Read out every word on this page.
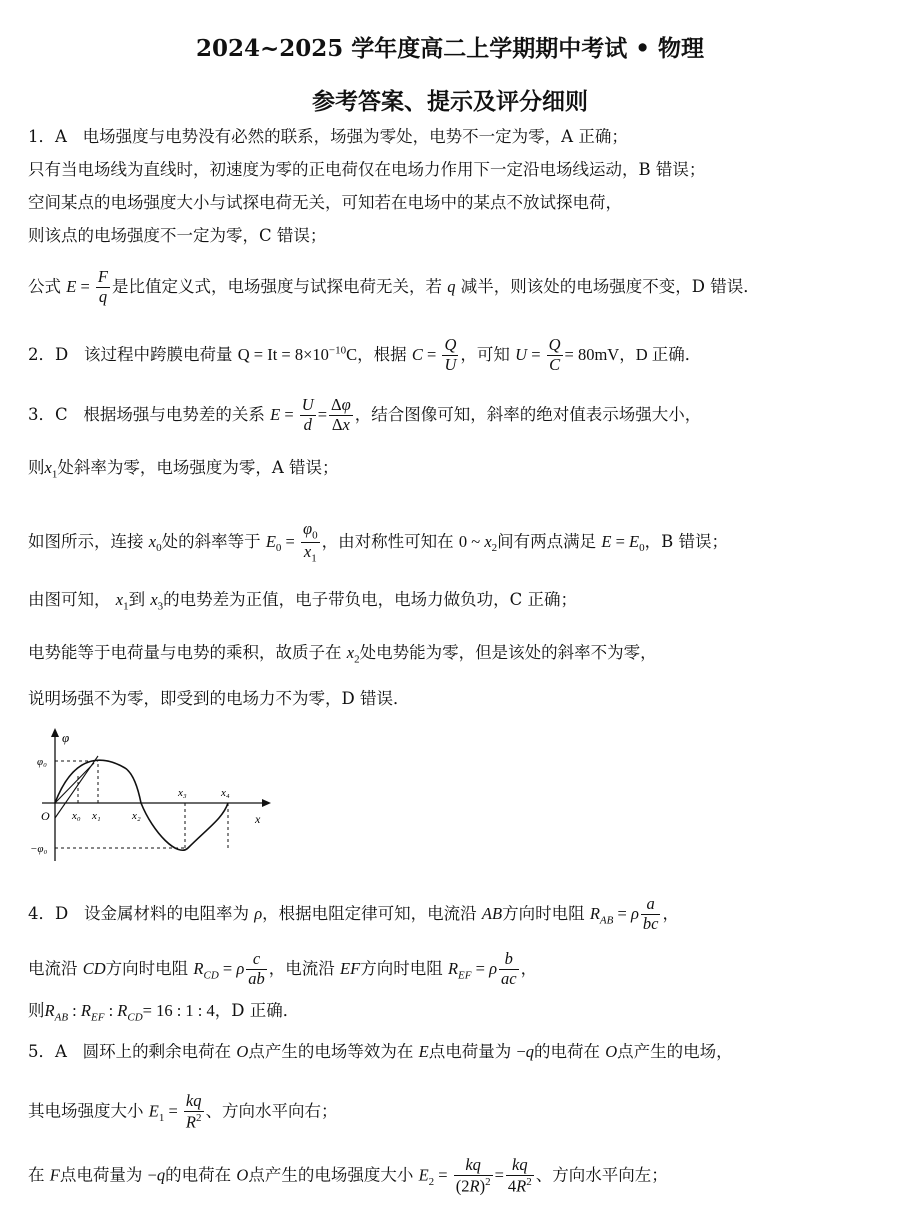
2024~2025 学年度高二上学期期中考试 • 物理
参考答案、提示及评分细则
1．A 电场强度与电势没有必然的联系，场强为零处，电势不一定为零，A 正确；
只有当电场线为直线时，初速度为零的正电荷仅在电场力作用下一定沿电场线运动，B 错误；
空间某点的电场强度大小与试探电荷无关，可知若在电场中的某点不放试探电荷，
则该点的电场强度不一定为零，C 错误；
公式 $E = \frac{F}{q}$ 是比值定义式，电场强度与试探电荷无关，若 q 减半，则该处的电场强度不变，D 错误．
2．D 该过程中跨膜电荷量 $Q = It = 8\times 10^{-10}C$，根据 $C = \frac{Q}{U}$ ，可知 $U = \frac{Q}{C} = 80mV$，D 正确．
3．C 根据场强与电势差的关系 $E = \frac{U}{d} = \frac{\Delta\varphi}{\Delta x}$ ，结合图像可知，斜率的绝对值表示场强大小，
则$x_1$处斜率为零，电场强度为零，A 错误；
如图所示，连接 $x_0$处的斜率等于 $E_0 = \frac{\varphi_0}{x_1}$ ，由对称性可知在 0 ~ $x_2$间有两点满足 $E = E_0$，B 错误；
由图可知， $x_1$到 $x_3$的电势差为正值，电子带负电，电场力做负功，C 正确；
电势能等于电荷量与电势的乘积，故质子在 $x_2$处电势能为零，但是该处的斜率不为零，
说明场强不为零，即受到的电场力不为零，D 错误．
φ
φ₀
O x₀ x₁	x₂
x₃	x₄
x
−φ₀
4．D 设金属材料的电阻率为 ρ，根据电阻定律可知，电流沿 AB方向时电阻 $R_{AB} = \rho \frac{a}{bc}$ ，
电流沿 CD方向时电阻 $R_{CD} = \rho \frac{c}{ab}$ ，电流沿 EF方向时电阻 $R_{EF} = \rho \frac{b}{ac}$ ，
则$R_{AB}$ : $R_{EF}$ : $R_{CD}= 16$ : 1 : 4，D 正确．
5．A 圆环上的剩余电荷在 O点产生的电场等效为在 E点电荷量为 −q的电荷在 O点产生的电场，
其电场强度大小 $E_1 = \frac{kq}{R^2}$ 、方向水平向右；
在 F点电荷量为 −q的电荷在 O点产生的电场强度大小 $E_2 = \frac{kq}{(2R)^2} = \frac{kq}{4R^2}$ 、方向水平向左；
